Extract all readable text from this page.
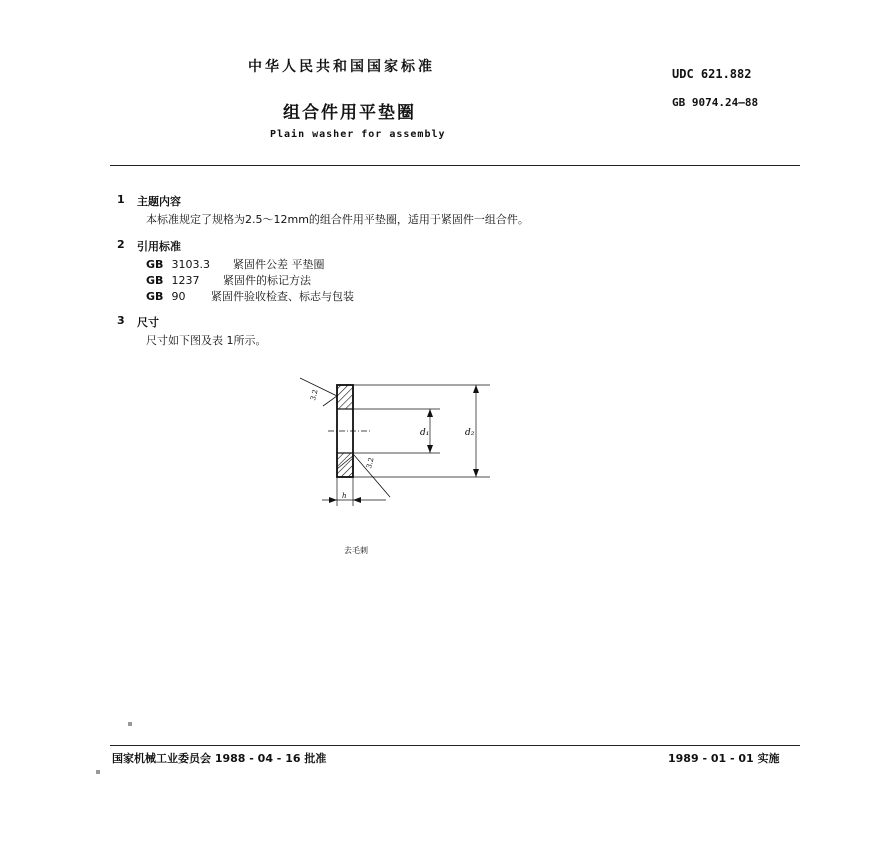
中华人民共和国国家标准	UDC 621.882
组合件用平垫圈
GB 9074.24—88
Plain washer for assembly
1 主题内容
本标准规定了规格为2.5～12mm的组合件用平垫圈，适用于紧固件一组合件。
2 引用标准
GB 3103.3 紧固件公差 平垫圈
GB 1237 紧固件的标记方法
GB 90 紧固件验收检查、标志与包装
3 尺寸
尺寸如下图及表 1所示。
d₁	d₂
h
3.2
3.2
去毛刺
国家机械工业委员会 1988 - 04 - 16 批准	1989 - 01 - 01 实施
